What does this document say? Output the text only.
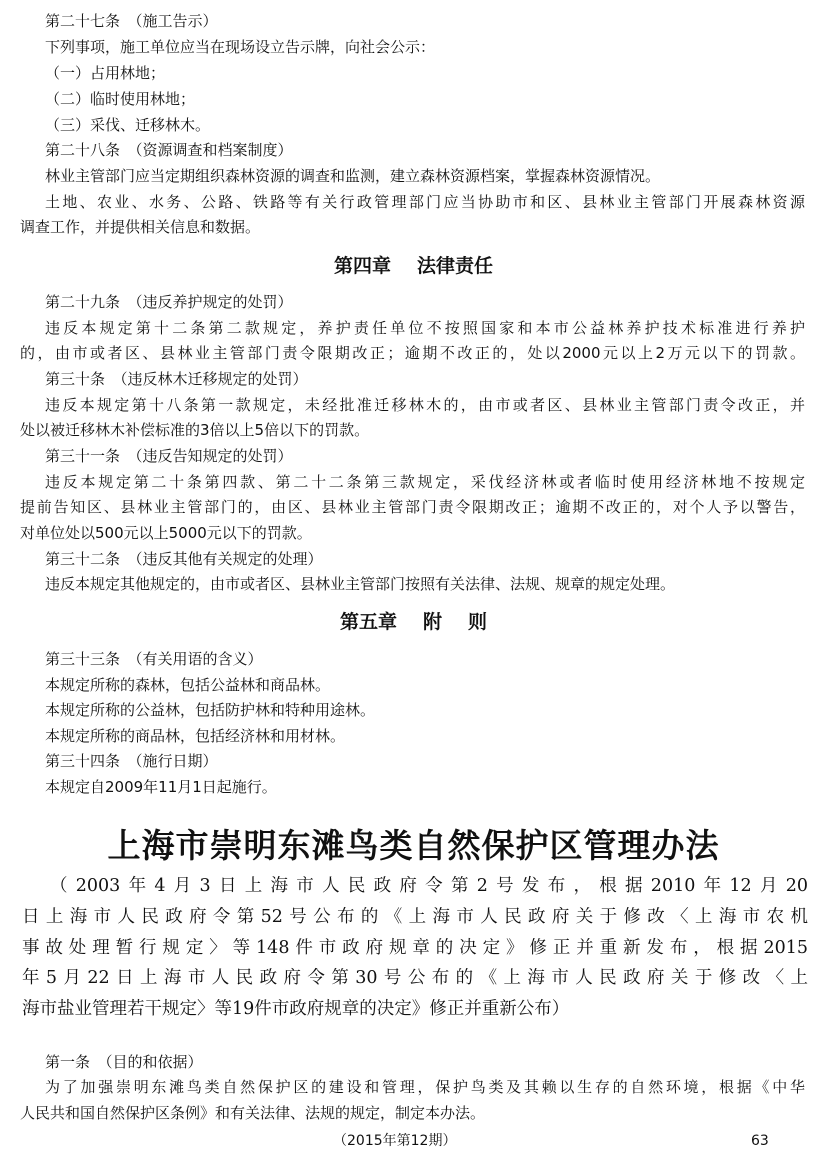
第二十七条　（施工告示）
下列事项，施工单位应当在现场设立告示牌，向社会公示：
（一）占用林地；
（二）临时使用林地；
（三）采伐、迁移林木。
第二十八条　（资源调查和档案制度）
林业主管部门应当定期组织森林资源的调查和监测，建立森林资源档案，掌握森林资源情况。
土地、农业、水务、公路、铁路等有关行政管理部门应当协助市和区、县林业主管部门开展森林资源
调查工作，并提供相关信息和数据。
第四章 法律责任
第二十九条　（违反养护规定的处罚）
违反本规定第十二条第二款规定，养护责任单位不按照国家和本市公益林养护技术标准进行养护
的，由市或者区、县林业主管部门责令限期改正；逾期不改正的，处以2000元以上2万元以下的罚款。
第三十条　（违反林木迁移规定的处罚）
违反本规定第十八条第一款规定，未经批准迁移林木的，由市或者区、县林业主管部门责令改正，并
处以被迁移林木补偿标准的3倍以上5倍以下的罚款。
第三十一条　（违反告知规定的处罚）
违反本规定第二十条第四款、第二十二条第三款规定，采伐经济林或者临时使用经济林地不按规定
提前告知区、县林业主管部门的，由区、县林业主管部门责令限期改正；逾期不改正的，对个人予以警告，
对单位处以500元以上5000元以下的罚款。
第三十二条　（违反其他有关规定的处理）
违反本规定其他规定的，由市或者区、县林业主管部门按照有关法律、法规、规章的规定处理。
第五章 附 则
第三十三条　（有关用语的含义）
本规定所称的森林，包括公益林和商品林。
本规定所称的公益林，包括防护林和特种用途林。
本规定所称的商品林，包括经济林和用材林。
第三十四条　（施行日期）
本规定自2009年11月1日起施行。
上海市崇明东滩鸟类自然保护区管理办法
（2003年4月3日上海市人民政府令第2号发布，根据2010年12月20
日上海市人民政府令第52号公布的《上海市人民政府关于修改〈上海市农机
事故处理暂行规定〉等148件市政府规章的决定》修正并重新发布，根据2015
年5月22日上海市人民政府令第30号公布的《上海市人民政府关于修改〈上
海市盐业管理若干规定〉等19件市政府规章的决定》修正并重新公布）
第一条　（目的和依据）
为了加强崇明东滩鸟类自然保护区的建设和管理，保护鸟类及其赖以生存的自然环境，根据《中华
人民共和国自然保护区条例》和有关法律、法规的规定，制定本办法。
（2015年第12期）	63
